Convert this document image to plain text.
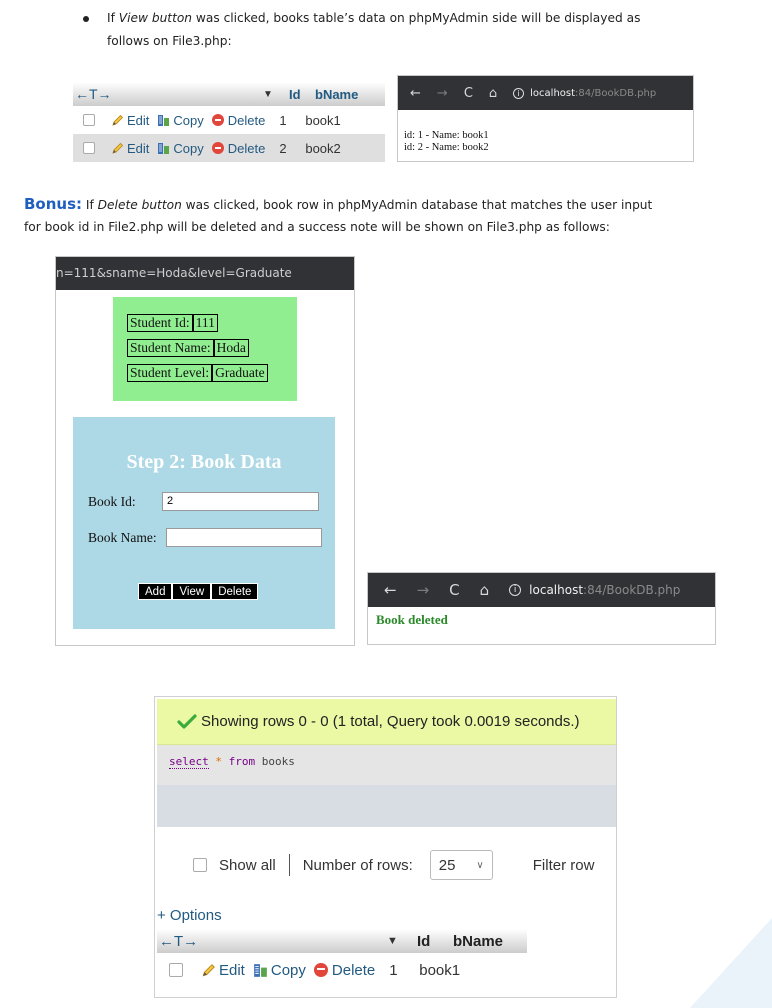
If View button was clicked, books table’s data on phpMyAdmin side will be displayed as
follows on File3.php:
←T→	▼	Id	bName
Edit Copy Delete 1	book1
Edit Copy Delete 2	book2
← → C ⌂	i	localhost:84/BookDB.php
id: 1 - Name: book1
id: 2 - Name: book2
Bonus: If Delete button was clicked, book row in phpMyAdmin database that matches the user input
for book id in File2.php will be deleted and a success note will be shown on File3.php as follows:
n=111&sname=Hoda&level=Graduate
Student Id: 111
Student Name: Hoda
Student Level: Graduate
Step 2: Book Data
Book Id:	2
Book Name:
Add View Delete	← → C ⌂	i	localhost:84/BookDB.php
Book deleted
Showing rows 0 - 0 (1 total, Query took 0.0019 seconds.)
select * from books
Show all Number of rows: 25 ∨	Filter row
+ Options
←T→	▼	Id	bName
Edit Copy Delete 1	book1
